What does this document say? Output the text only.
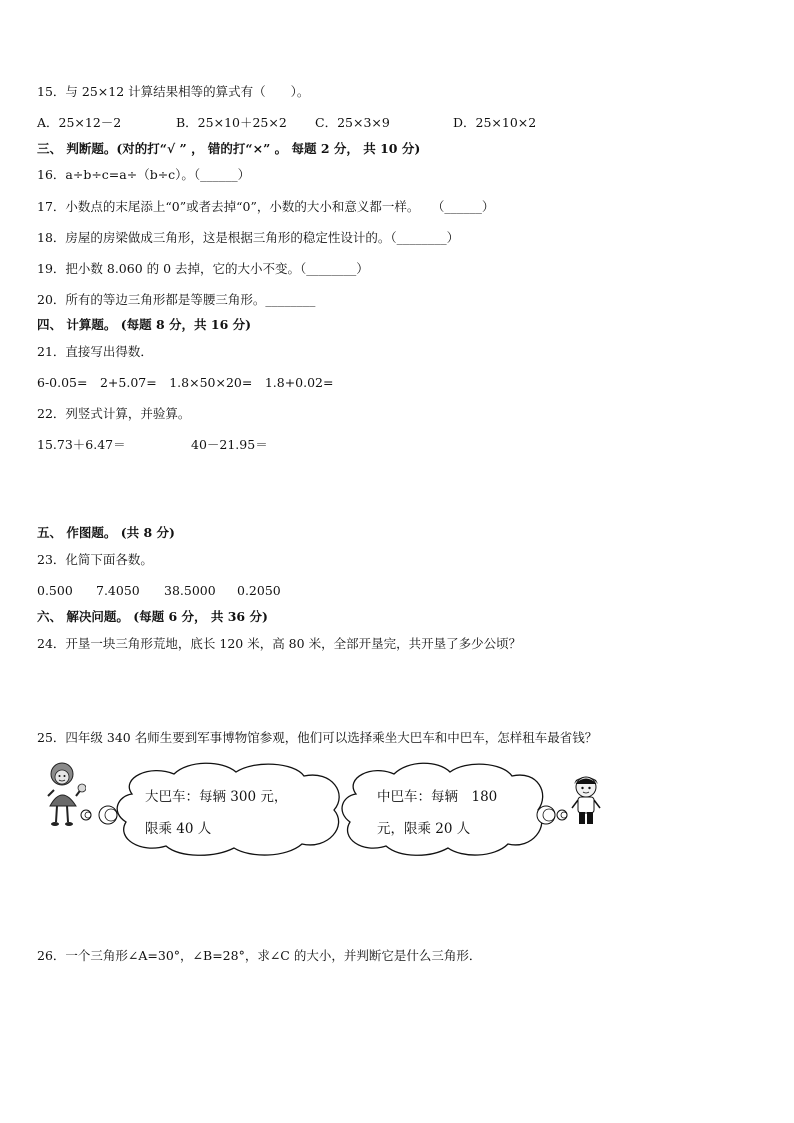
15．与 25×12 计算结果相等的算式有（　　）。
A．25×12－2	B．25×10＋25×2 C．25×3×9	D．25×10×2
三、 判断题。(对的打“√ ” ， 错的打“×” 。 每题 2 分， 共 10 分)
16．a÷b÷c=a÷（b÷c）。（______）
17．小数点的末尾添上“0”或者去掉“0”，小数的大小和意义都一样。　　（______）
18．房屋的房梁做成三角形，这是根据三角形的稳定性设计的。（________）
19．把小数 8.060 的 0 去掉，它的大小不变。（________）
20．所有的等边三角形都是等腰三角形。________
四、 计算题。 (每题 8 分，共 16 分)
21．直接写出得数．
6-0.05=　2+5.07=　1.8×50×20=　1.8+0.02=
22．列竖式计算，并验算。
15.73＋6.47＝	40－21.95＝
五、 作图题。 (共 8 分)
23．化简下面各数。
0.500 7.4050 38.5000 0.2050
六、 解决问题。 (每题 6 分， 共 36 分)
24．开垦一块三角形荒地，底长 120 米，高 80 米，全部开垦完，共开垦了多少公顷？
25．四年级 340 名师生要到军事博物馆参观，他们可以选择乘坐大巴车和中巴车，怎样租车最省钱？
大巴车：每辆 300 元，
限乘 40 人
中巴车：每辆　180
元，限乘 20 人
26．一个三角形∠A=30°，∠B=28°，求∠C 的大小，并判断它是什么三角形．
